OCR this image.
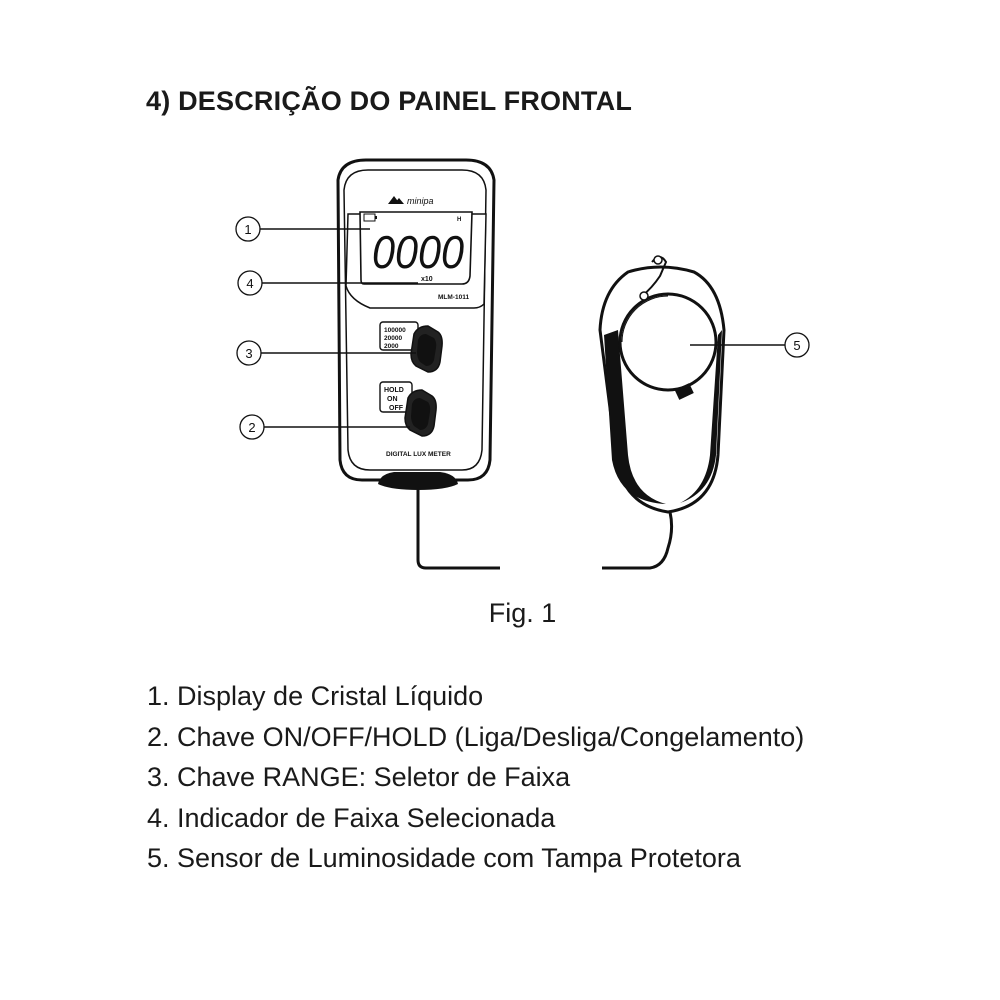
4) DESCRIÇÃO DO PAINEL FRONTAL
minipa
H
0000
x10
MLM-1011
100000
20000
2000
HOLD
ON
OFF
DIGITAL LUX METER
1
4
3
2
5
Fig. 1
1. Display de Cristal Líquido
2. Chave ON/OFF/HOLD (Liga/Desliga/Congelamento)
3. Chave RANGE: Seletor de Faixa
4. Indicador de Faixa Selecionada
5. Sensor de Luminosidade com Tampa Protetora
